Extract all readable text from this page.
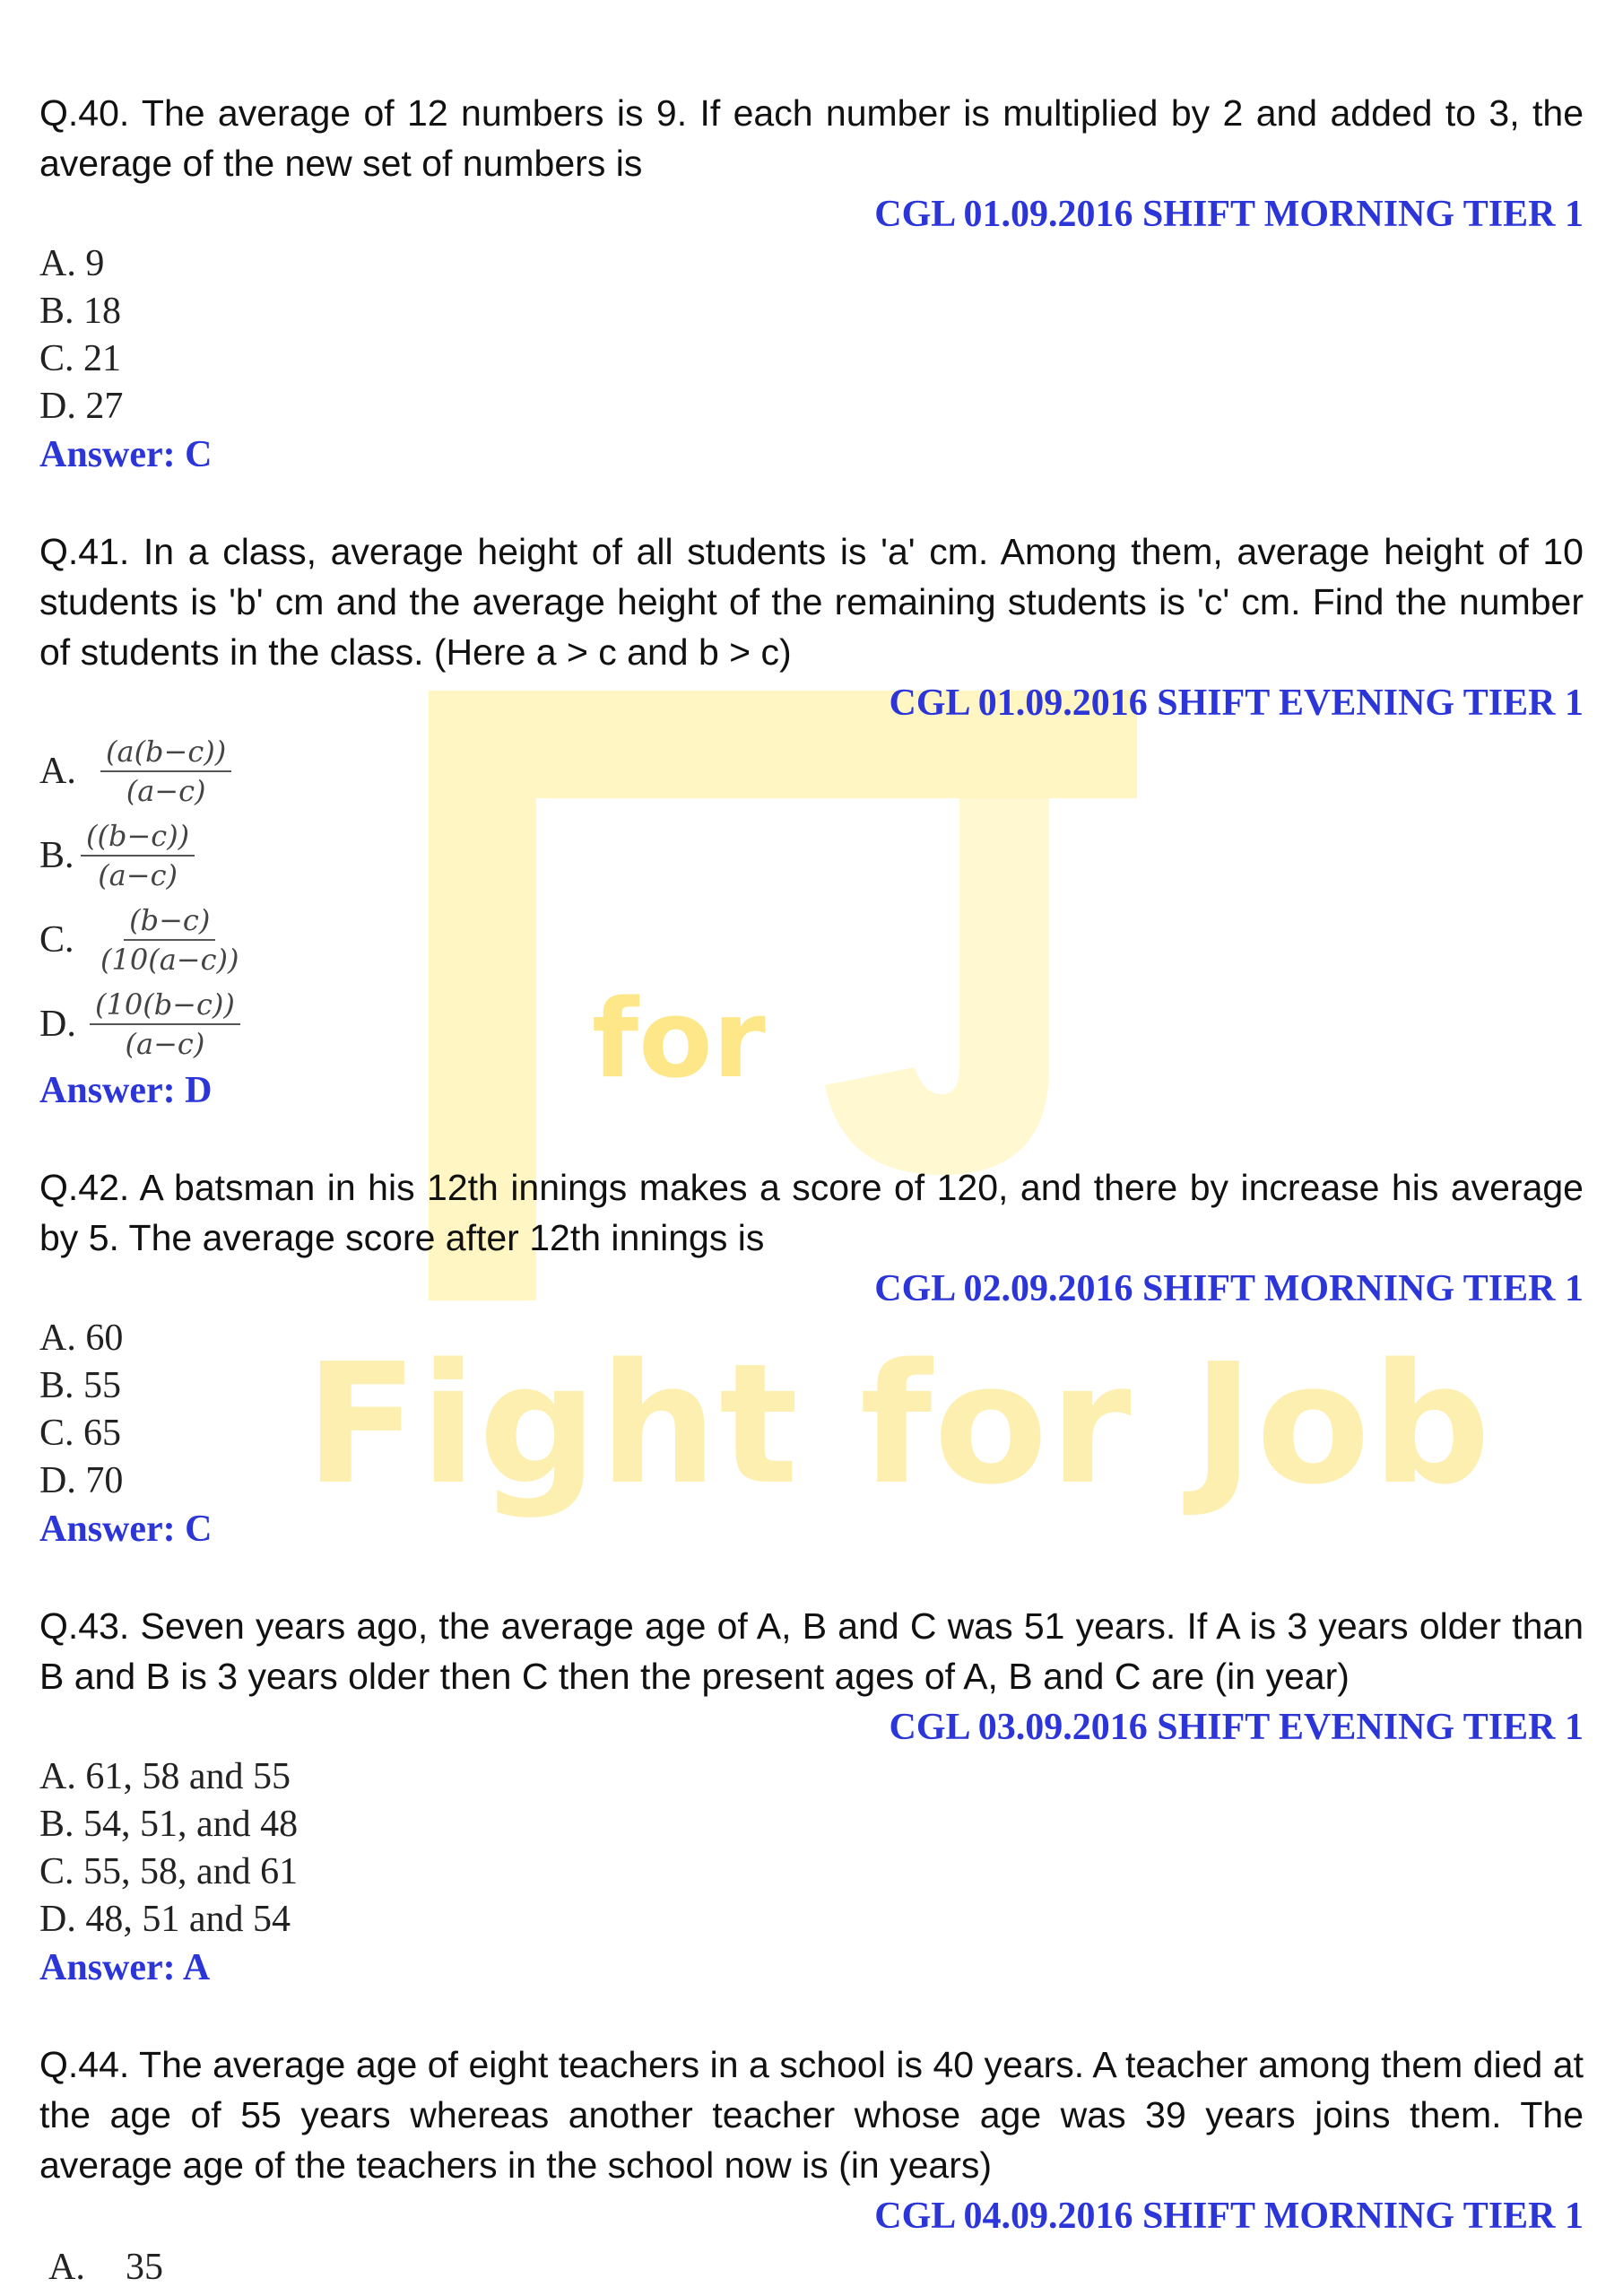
for
Fight for Job

Q.40. The average of 12 numbers is 9. If each number is multiplied by 2 and added to 3, the average of the new set of numbers is

CGL 01.09.2016 SHIFT MORNING TIER 1

A. 9

B. 18

C. 21

D. 27

Answer: C

Q.41. In a class, average height of all students is 'a' cm. Among them, average height of 10 students is 'b' cm and the average height of the remaining students is 'c' cm. Find the number of students in the class. (Here a > c and b > c)

CGL 01.09.2016 SHIFT EVENING TIER 1

A. $\frac{(a(b-c))}{(a-c)}$
B. $\frac{((b-c))}{(a-c)}$
C. $\frac{(b-c)}{(10(a-c))}$
D. $\frac{(10(b-c))}{(a-c)}$

Answer: D

Q.42. A batsman in his 12th innings makes a score of 120, and there by increase his average by 5. The average score after 12th innings is

CGL 02.09.2016 SHIFT MORNING TIER 1

A. 60

B. 55

C. 65

D. 70

Answer: C

Q.43. Seven years ago, the average age of A, B and C was 51 years. If A is 3 years older than B and B is 3 years older then C then the present ages of A, B and C are (in year)

CGL 03.09.2016 SHIFT EVENING TIER 1

A. 61, 58 and 55

B. 54, 51, and 48

C. 55, 58, and 61

D. 48, 51 and 54

Answer: A

Q.44. The average age of eight teachers in a school is 40 years. A teacher among them died at the age of 55 years whereas another teacher whose age was 39 years joins them. The average age of the teachers in the school now is (in years)

CGL 04.09.2016 SHIFT MORNING TIER 1

A.	35
